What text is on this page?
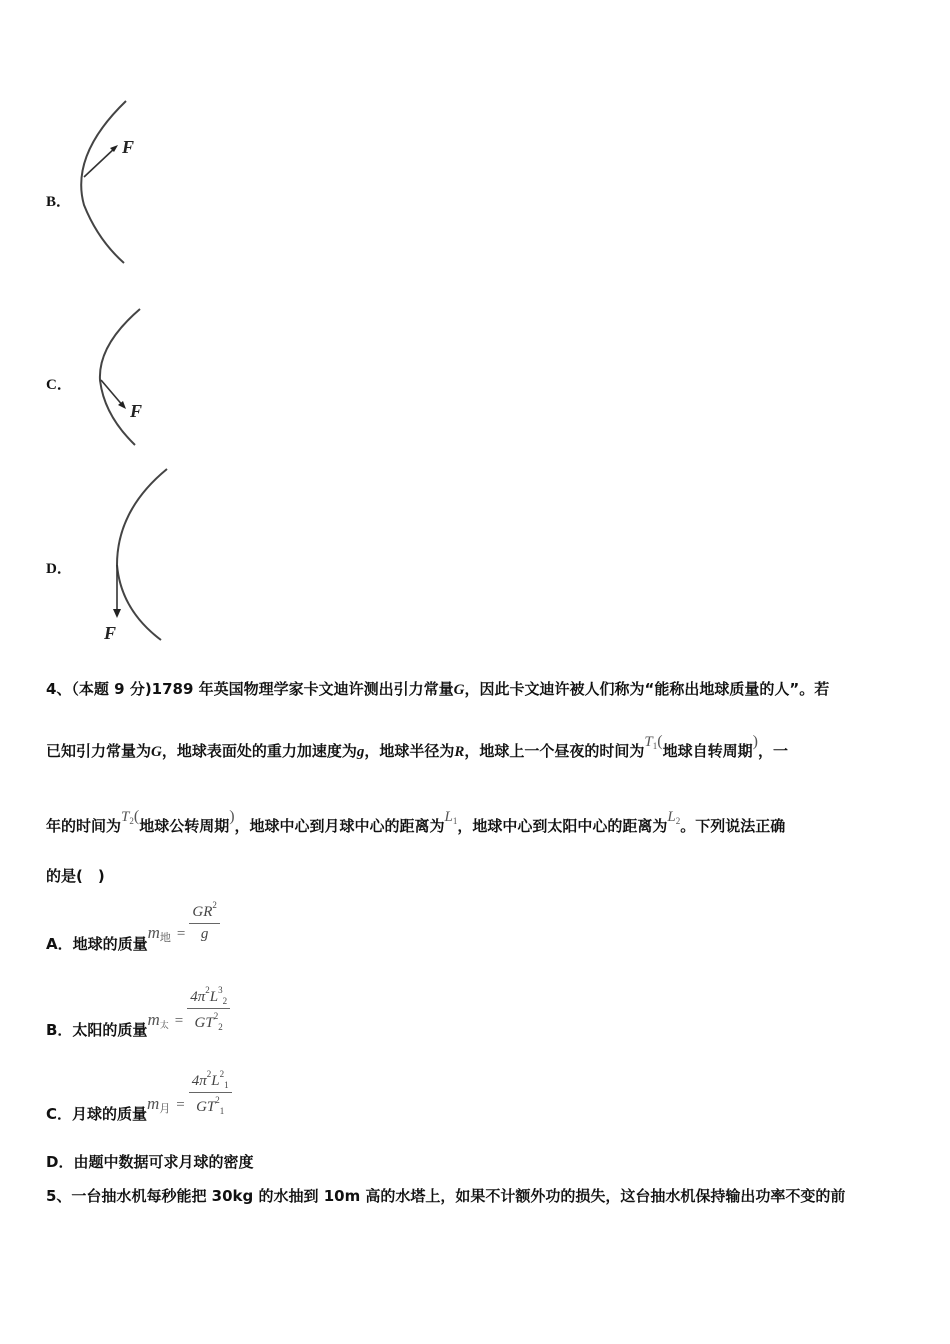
B．
F
C．
F
D．
F
4、（本题 9 分)1789 年英国物理学家卡文迪许测出引力常量G，因此卡文迪许被人们称为“能称出地球质量的人”。若
已知引力常量为G，地球表面处的重力加速度为g，地球半径为R，地球上一个昼夜的时间为$T_1$(地球自转周期)，一
年的时间为$T_2$(地球公转周期)，地球中心到月球中心的距离为$L_1$，地球中心到太阳中心的距离为$L_2$。下列说法正确
的是(　)
A．地球的质量$m_地 = \frac{GR^2}{g}$
B．太阳的质量$m_太 = \frac{4\pi^2L^3_2}{GT^2_2}$
C．月球的质量$m_月 = \frac{4\pi^2L^2_1}{GT^2_1}$
D．由题中数据可求月球的密度
5、一台抽水机每秒能把 30kg 的水抽到 10m 高的水塔上，如果不计额外功的损失，这台抽水机保持输出功率不变的前
